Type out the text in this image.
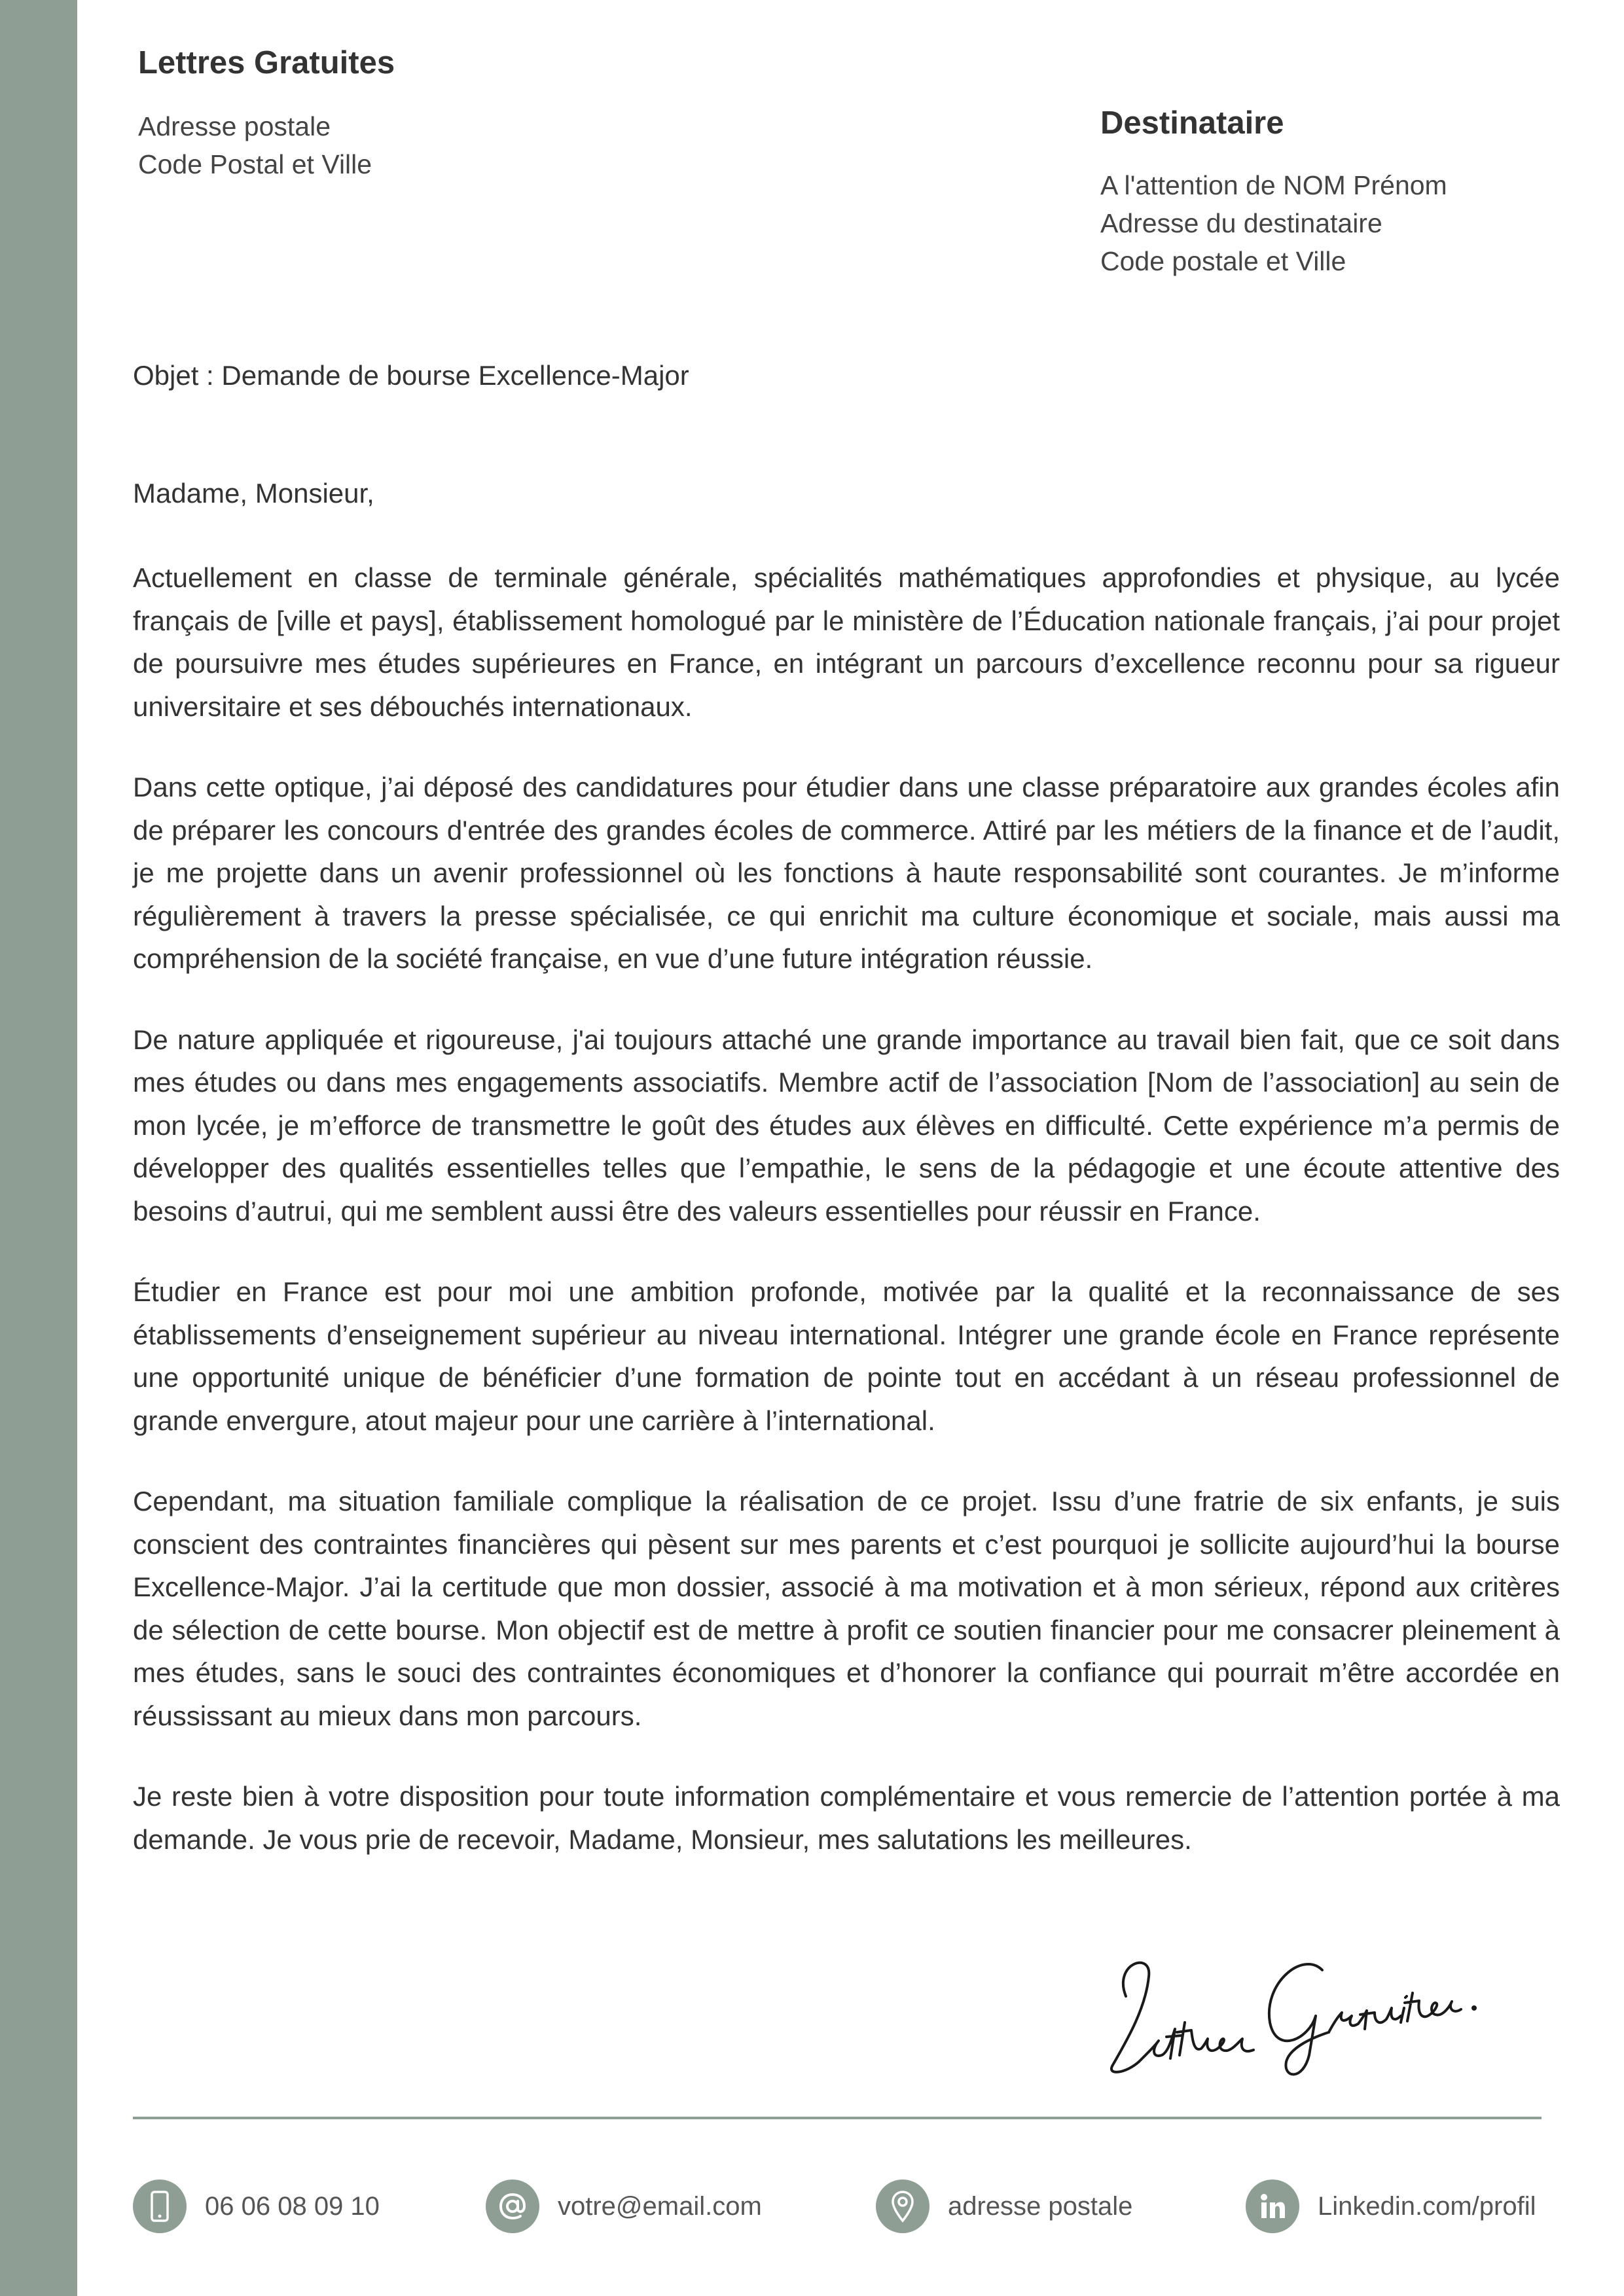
Lettres Gratuites
Adresse postale
Code Postal et Ville
Destinataire
A l'attention de NOM Prénom
Adresse du destinataire
Code postale et Ville
Objet : Demande de bourse Excellence-Major
Madame, Monsieur,

Actuellement en classe de terminale générale, spécialités mathématiques approfondies et physique, au lycée français de [ville et pays], établissement homologué par le ministère de l’Éducation nationale français, j’ai pour projet de poursuivre mes études supérieures en France, en intégrant un parcours d’excellence reconnu pour sa rigueur universitaire et ses débouchés internationaux.

Dans cette optique, j’ai déposé des candidatures pour étudier dans une classe préparatoire aux grandes écoles afin de préparer les concours d'entrée des grandes écoles de commerce. Attiré par les métiers de la finance et de l’audit, je me projette dans un avenir professionnel où les fonctions à haute responsabilité sont courantes. Je m’informe régulièrement à travers la presse spécialisée, ce qui enrichit ma culture économique et sociale, mais aussi ma compréhension de la société française, en vue d’une future intégration réussie.

De nature appliquée et rigoureuse, j'ai toujours attaché une grande importance au travail bien fait, que ce soit dans mes études ou dans mes engagements associatifs. Membre actif de l’association [Nom de l’association] au sein de mon lycée, je m’efforce de transmettre le goût des études aux élèves en difficulté. Cette expérience m’a permis de développer des qualités essentielles telles que l’empathie, le sens de la pédagogie et une écoute attentive des besoins d’autrui, qui me semblent aussi être des valeurs essentielles pour réussir en France.

Étudier en France est pour moi une ambition profonde, motivée par la qualité et la reconnaissance de ses établissements d’enseignement supérieur au niveau international. Intégrer une grande école en France représente une opportunité unique de bénéficier d’une formation de pointe tout en accédant à un réseau professionnel de grande envergure, atout majeur pour une carrière à l’international.

Cependant, ma situation familiale complique la réalisation de ce projet. Issu d’une fratrie de six enfants, je suis conscient des contraintes financières qui pèsent sur mes parents et c’est pourquoi je sollicite aujourd’hui la bourse Excellence-Major. J’ai la certitude que mon dossier, associé à ma motivation et à mon sérieux, répond aux critères de sélection de cette bourse. Mon objectif est de mettre à profit ce soutien financier pour me consacrer pleinement à mes études, sans le souci des contraintes économiques et d’honorer la confiance qui pourrait m’être accordée en réussissant au mieux dans mon parcours.

Je reste bien à votre disposition pour toute information complémentaire et vous remercie de l’attention portée à ma demande. Je vous prie de recevoir, Madame, Monsieur, mes salutations les meilleures.

06 06 08 09 10	votre@email.com	adresse postale	Linkedin.com/profil
